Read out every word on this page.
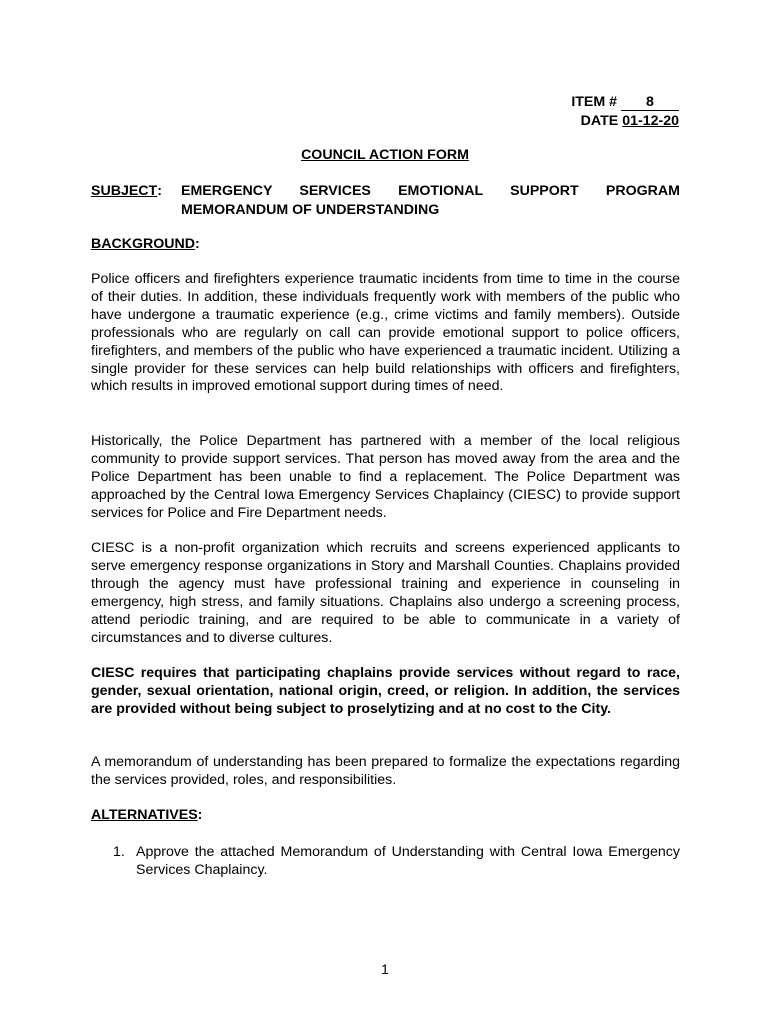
ITEM # 8
DATE 01-12-20
COUNCIL ACTION FORM
SUBJECT: EMERGENCY SERVICES EMOTIONAL SUPPORT PROGRAM
MEMORANDUM OF UNDERSTANDING
BACKGROUND:

Police officers and firefighters experience traumatic incidents from time to time in the course of their duties. In addition, these individuals frequently work with members of the public who have undergone a traumatic experience (e.g., crime victims and family members). Outside professionals who are regularly on call can provide emotional support to police officers, firefighters, and members of the public who have experienced a traumatic incident. Utilizing a single provider for these services can help build relationships with officers and firefighters, which results in improved emotional support during times of need.

Historically, the Police Department has partnered with a member of the local religious community to provide support services. That person has moved away from the area and the Police Department has been unable to find a replacement. The Police Department was approached by the Central Iowa Emergency Services Chaplaincy (CIESC) to provide support services for Police and Fire Department needs.

CIESC is a non-profit organization which recruits and screens experienced applicants to serve emergency response organizations in Story and Marshall Counties. Chaplains provided through the agency must have professional training and experience in counseling in emergency, high stress, and family situations. Chaplains also undergo a screening process, attend periodic training, and are required to be able to communicate in a variety of circumstances and to diverse cultures.

CIESC requires that participating chaplains provide services without regard to race, gender, sexual orientation, national origin, creed, or religion. In addition, the services are provided without being subject to proselytizing and at no cost to the City.

A memorandum of understanding has been prepared to formalize the expectations regarding the services provided, roles, and responsibilities.

ALTERNATIVES:
1. Approve the attached Memorandum of Understanding with Central Iowa Emergency Services Chaplaincy.
1
